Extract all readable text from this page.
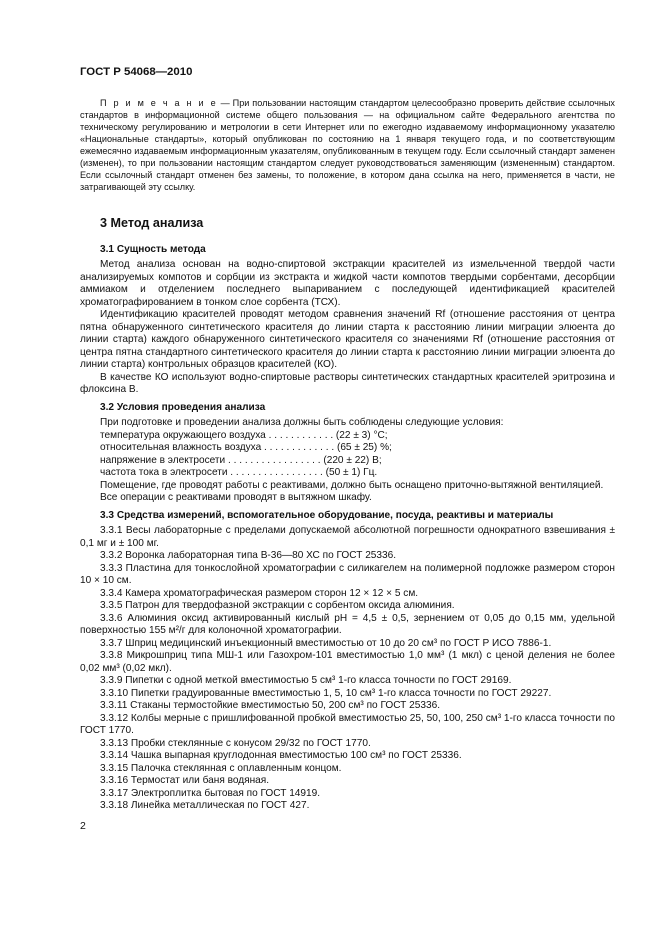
ГОСТ Р 54068—2010
П р и м е ч а н и е — При пользовании настоящим стандартом целесообразно проверить действие ссылочных стандартов в информационной системе общего пользования — на официальном сайте Федерального агентства по техническому регулированию и метрологии в сети Интернет или по ежегодно издаваемому информационному указателю «Национальные стандарты», который опубликован по состоянию на 1 января текущего года, и по соответствующим ежемесячно издаваемым информационным указателям, опубликованным в текущем году. Если ссылочный стандарт заменен (изменен), то при пользовании настоящим стандартом следует руководствоваться заменяющим (измененным) стандартом. Если ссылочный стандарт отменен без замены, то положение, в котором дана ссылка на него, применяется в части, не затрагивающей эту ссылку.
3 Метод анализа
3.1 Сущность метода

Метод анализа основан на водно-спиртовой экстракции красителей из измельченной твердой части анализируемых компотов и сорбции из экстракта и жидкой части компотов твердыми сорбентами, десорбции аммиаком и отделением последнего выпариванием с последующей идентификацией красителей хроматографированием в тонком слое сорбента (ТСХ).

Идентификацию красителей проводят методом сравнения значений Rf (отношение расстояния от центра пятна обнаруженного синтетического красителя до линии старта к расстоянию линии миграции элюента до линии старта) каждого обнаруженного синтетического красителя со значениями Rf (отношение расстояния от центра пятна стандартного синтетического красителя до линии старта к расстоянию линии миграции элюента до линии старта) контрольных образцов красителей (КО).

В качестве КО используют водно-спиртовые растворы синтетических стандартных красителей эритрозина и флоксина В.

3.2 Условия проведения анализа

При подготовке и проведении анализа должны быть соблюдены следующие условия:

температура окружающего воздуха . . . . . . . . . . . . (22 ± 3) °С;
относительная влажность воздуха . . . . . . . . . . . . . (65 ± 25) %;
напряжение в электросети . . . . . . . . . . . . . . . . . (220 ± 22) В;
частота тока в электросети . . . . . . . . . . . . . . . . . (50 ± 1) Гц.

Помещение, где проводят работы с реактивами, должно быть оснащено приточно-вытяжной вентиляцией.

Все операции с реактивами проводят в вытяжном шкафу.

3.3 Средства измерений, вспомогательное оборудование, посуда, реактивы и материалы

3.3.1 Весы лабораторные с пределами допускаемой абсолютной погрешности однократного взвешивания ± 0,1 мг и ± 100 мг.

3.3.2 Воронка лабораторная типа В-36—80 ХС по ГОСТ 25336.

3.3.3 Пластина для тонкослойной хроматографии с силикагелем на полимерной подложке размером сторон 10 × 10 см.

3.3.4 Камера хроматографическая размером сторон 12 × 12 × 5 см.

3.3.5 Патрон для твердофазной экстракции с сорбентом оксида алюминия.

3.3.6 Алюминия оксид активированный кислый pH = 4,5 ± 0,5, зернением от 0,05 до 0,15 мм, удельной поверхностью 155 м²/г для колоночной хроматографии.

3.3.7 Шприц медицинский инъекционный вместимостью от 10 до 20 см³ по ГОСТ Р ИСО 7886-1.

3.3.8 Микрошприц типа МШ-1 или Газохром-101 вместимостью 1,0 мм³ (1 мкл) с ценой деления не более 0,02 мм³ (0,02 мкл).

3.3.9 Пипетки с одной меткой вместимостью 5 см³ 1-го класса точности по ГОСТ 29169.

3.3.10 Пипетки градуированные вместимостью 1, 5, 10 см³ 1-го класса точности по ГОСТ 29227.

3.3.11 Стаканы термостойкие вместимостью 50, 200 см³ по ГОСТ 25336.

3.3.12 Колбы мерные с пришлифованной пробкой вместимостью 25, 50, 100, 250 см³ 1-го класса точности по ГОСТ 1770.

3.3.13 Пробки стеклянные с конусом 29/32 по ГОСТ 1770.

3.3.14 Чашка выпарная круглодонная вместимостью 100 см³ по ГОСТ 25336.

3.3.15 Палочка стеклянная с оплавленным концом.

3.3.16 Термостат или баня водяная.

3.3.17 Электроплитка бытовая по ГОСТ 14919.

3.3.18 Линейка металлическая по ГОСТ 427.

2
